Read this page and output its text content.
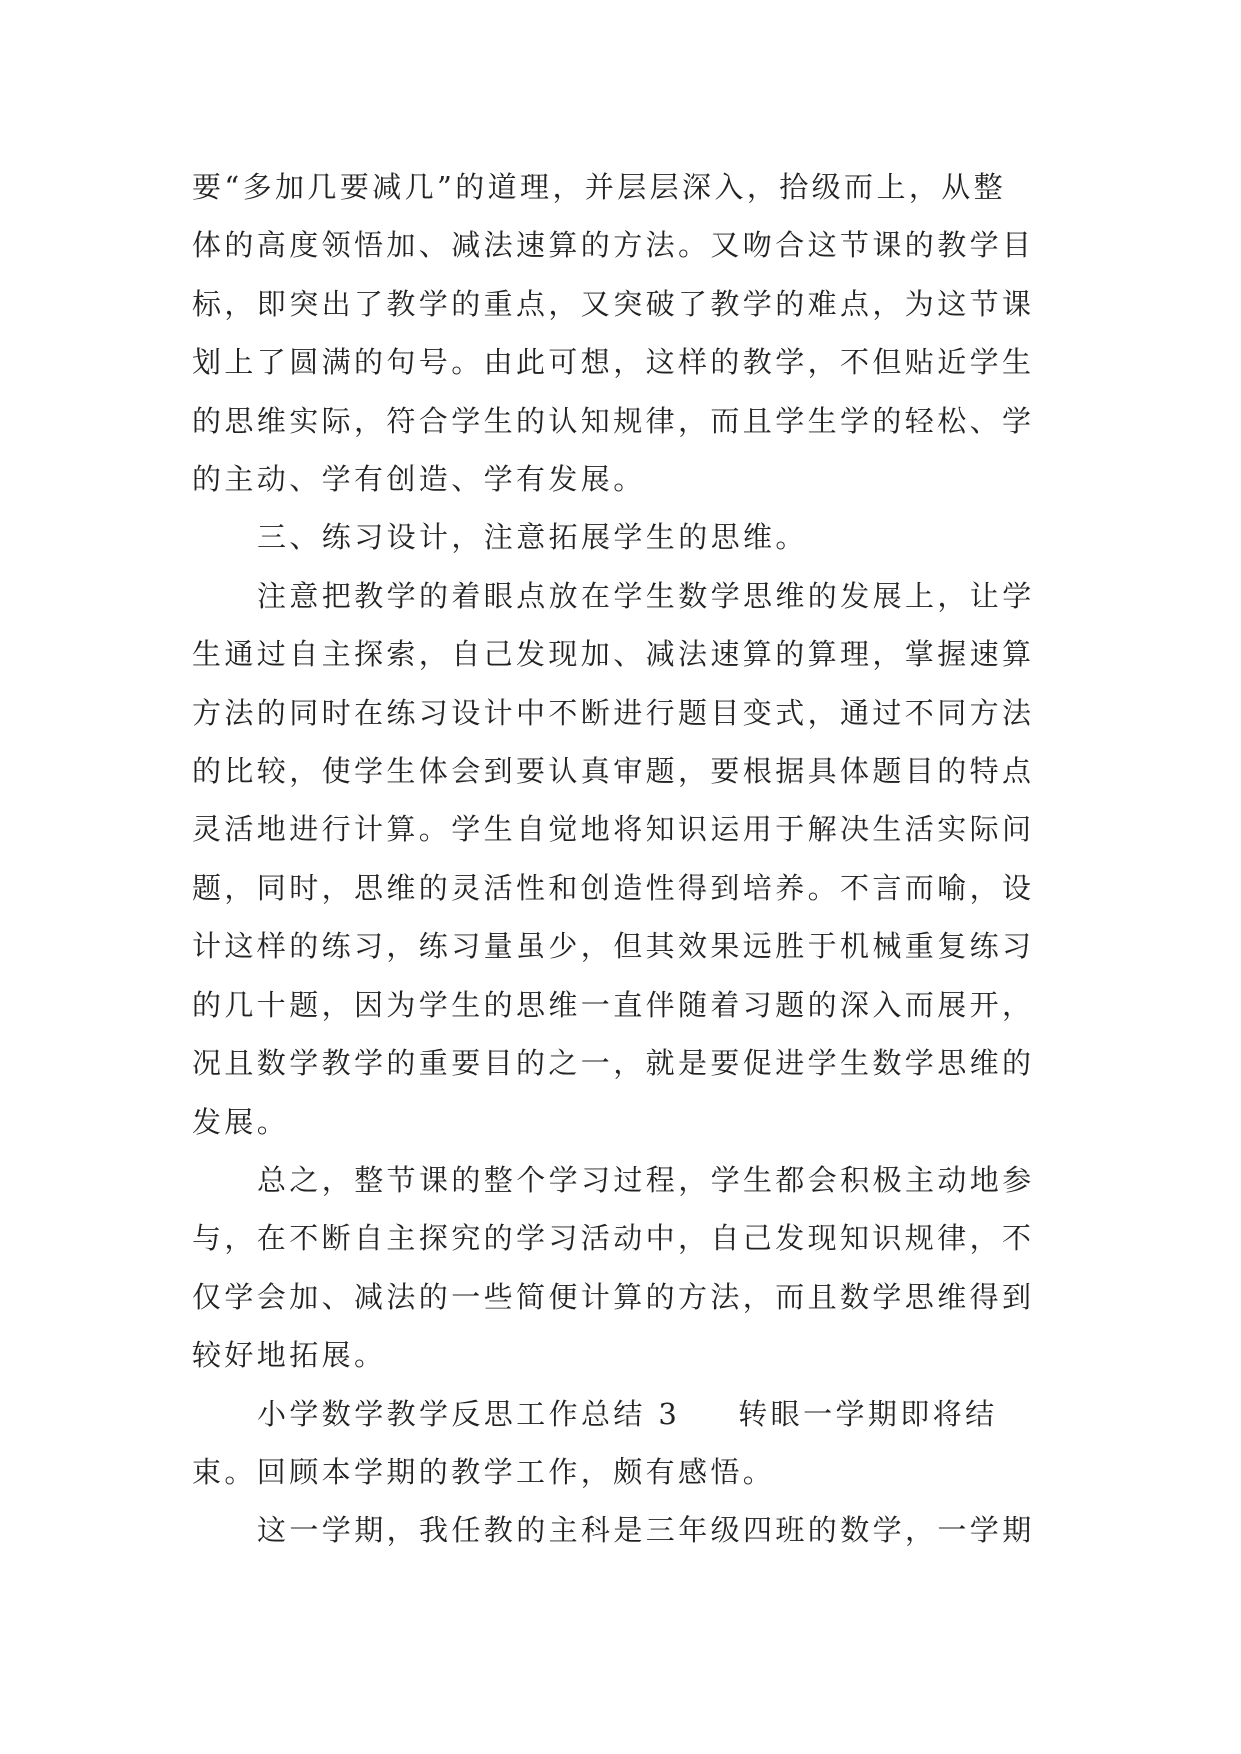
要“多加几要减几”的道理，并层层深入，拾级而上，从整
体的高度领悟加、减法速算的方法。又吻合这节课的教学目
标，即突出了教学的重点，又突破了教学的难点，为这节课
划上了圆满的句号。由此可想，这样的教学，不但贴近学生
的思维实际，符合学生的认知规律，而且学生学的轻松、学
的主动、学有创造、学有发展。

三、练习设计，注意拓展学生的思维。

注意把教学的着眼点放在学生数学思维的发展上，让学
生通过自主探索，自己发现加、减法速算的算理，掌握速算
方法的同时在练习设计中不断进行题目变式，通过不同方法
的比较，使学生体会到要认真审题，要根据具体题目的特点
灵活地进行计算。学生自觉地将知识运用于解决生活实际问
题，同时，思维的灵活性和创造性得到培养。不言而喻，设
计这样的练习，练习量虽少，但其效果远胜于机械重复练习
的几十题，因为学生的思维一直伴随着习题的深入而展开，
况且数学教学的重要目的之一，就是要促进学生数学思维的
发展。

总之，整节课的整个学习过程，学生都会积极主动地参
与，在不断自主探究的学习活动中，自己发现知识规律，不
仅学会加、减法的一些简便计算的方法，而且数学思维得到
较好地拓展。

小学数学教学反思工作总结 3 转眼一学期即将结
束。回顾本学期的教学工作，颇有感悟。

这一学期，我任教的主科是三年级四班的数学，一学期
